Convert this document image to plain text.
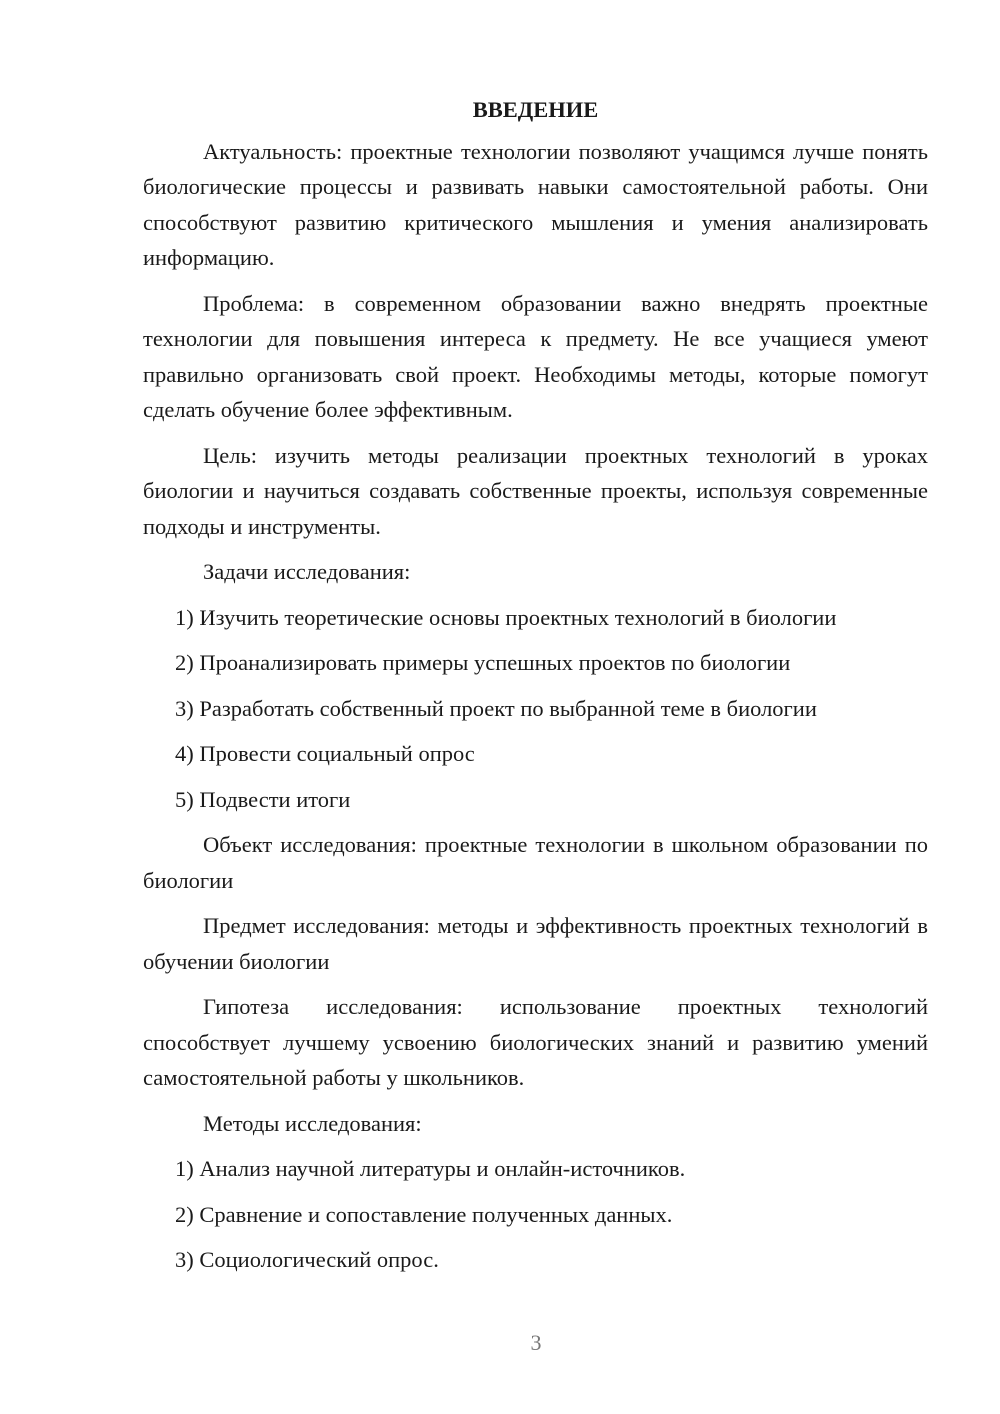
ВВЕДЕНИЕ

Актуальность: проектные технологии позволяют учащимся лучше понять биологические процессы и развивать навыки самостоятельной работы. Они способствуют развитию критического мышления и умения анализировать информацию.

Проблема: в современном образовании важно внедрять проектные технологии для повышения интереса к предмету. Не все учащиеся умеют правильно организовать свой проект. Необходимы методы, которые помогут сделать обучение более эффективным.

Цель: изучить методы реализации проектных технологий в уроках биологии и научиться создавать собственные проекты, используя современные подходы и инструменты.

Задачи исследования:

1) Изучить теоретические основы проектных технологий в биологии
2) Проанализировать примеры успешных проектов по биологии
3) Разработать собственный проект по выбранной теме в биологии
4) Провести социальный опрос
5) Подвести итоги

Объект исследования: проектные технологии в школьном образовании по биологии

Предмет исследования: методы и эффективность проектных технологий в обучении биологии

Гипотеза исследования: использование проектных технологий способствует лучшему усвоению биологических знаний и развитию умений самостоятельной работы у школьников.

Методы исследования:

1) Анализ научной литературы и онлайн-источников.
2) Сравнение и сопоставление полученных данных.
3) Социологический опрос.
3
